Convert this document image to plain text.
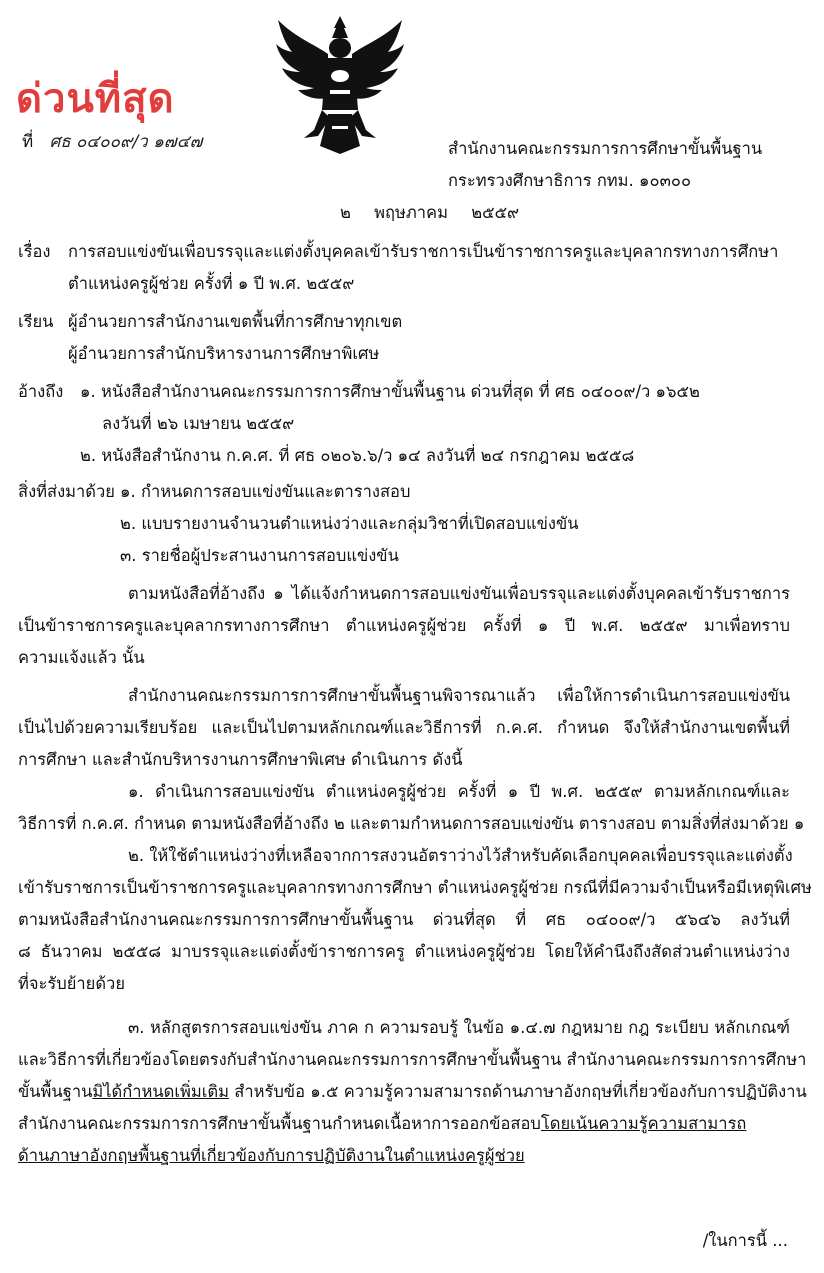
ด่วนที่สุด
ที่ ศธ ๐๔๐๐๙/ว ๑๗๔๗	สำนักงานคณะกรรมการการศึกษาขั้นพื้นฐาน
กระทรวงศึกษาธิการ กทม. ๑๐๓๐๐
๒ พฤษภาคม ๒๕๕๙
เรื่อง การสอบแข่งขันเพื่อบรรจุและแต่งตั้งบุคคลเข้ารับราชการเป็นข้าราชการครูและบุคลากรทางการศึกษา
ตำแหน่งครูผู้ช่วย ครั้งที่ ๑ ปี พ.ศ. ๒๕๕๙
เรียน ผู้อำนวยการสำนักงานเขตพื้นที่การศึกษาทุกเขต
ผู้อำนวยการสำนักบริหารงานการศึกษาพิเศษ
อ้างถึง ๑. หนังสือสำนักงานคณะกรรมการการศึกษาขั้นพื้นฐาน ด่วนที่สุด ที่ ศธ ๐๔๐๐๙/ว ๑๖๕๒
ลงวันที่ ๒๖ เมษายน ๒๕๕๙
๒. หนังสือสำนักงาน ก.ค.ศ. ที่ ศธ ๐๒๐๖.๖/ว ๑๔ ลงวันที่ ๒๔ กรกฎาคม ๒๕๕๘
สิ่งที่ส่งมาด้วย ๑. กำหนดการสอบแข่งขันและตารางสอบ
๒. แบบรายงานจำนวนตำแหน่งว่างและกลุ่มวิชาที่เปิดสอบแข่งขัน
๓. รายชื่อผู้ประสานงานการสอบแข่งขัน
ตามหนังสือที่อ้างถึง ๑ ได้แจ้งกำหนดการสอบแข่งขันเพื่อบรรจุและแต่งตั้งบุคคลเข้ารับราชการ
เป็นข้าราชการครูและบุคลากรทางการศึกษา ตำแหน่งครูผู้ช่วย ครั้งที่ ๑ ปี พ.ศ. ๒๕๕๙ มาเพื่อทราบ
ความแจ้งแล้ว นั้น
สำนักงานคณะกรรมการการศึกษาขั้นพื้นฐานพิจารณาแล้ว เพื่อให้การดำเนินการสอบแข่งขัน
เป็นไปด้วยความเรียบร้อย และเป็นไปตามหลักเกณฑ์และวิธีการที่ ก.ค.ศ. กำหนด จึงให้สำนักงานเขตพื้นที่
การศึกษา และสำนักบริหารงานการศึกษาพิเศษ ดำเนินการ ดังนี้
๑. ดำเนินการสอบแข่งขัน ตำแหน่งครูผู้ช่วย ครั้งที่ ๑ ปี พ.ศ. ๒๕๕๙ ตามหลักเกณฑ์และ
วิธีการที่ ก.ค.ศ. กำหนด ตามหนังสือที่อ้างถึง ๒ และตามกำหนดการสอบแข่งขัน ตารางสอบ ตามสิ่งที่ส่งมาด้วย ๑
๒. ให้ใช้ตำแหน่งว่างที่เหลือจากการสงวนอัตราว่างไว้สำหรับคัดเลือกบุคคลเพื่อบรรจุและแต่งตั้ง
เข้ารับราชการเป็นข้าราชการครูและบุคลากรทางการศึกษา ตำแหน่งครูผู้ช่วย กรณีที่มีความจำเป็นหรือมีเหตุพิเศษ
ตามหนังสือสำนักงานคณะกรรมการการศึกษาขั้นพื้นฐาน ด่วนที่สุด ที่ ศธ ๐๔๐๐๙/ว ๕๖๔๖ ลงวันที่
๘ ธันวาคม ๒๕๕๘ มาบรรจุและแต่งตั้งข้าราชการครู ตำแหน่งครูผู้ช่วย โดยให้คำนึงถึงสัดส่วนตำแหน่งว่าง
ที่จะรับย้ายด้วย
๓. หลักสูตรการสอบแข่งขัน ภาค ก ความรอบรู้ ในข้อ ๑.๔.๗ กฎหมาย กฎ ระเบียบ หลักเกณฑ์
และวิธีการที่เกี่ยวข้องโดยตรงกับสำนักงานคณะกรรมการการศึกษาขั้นพื้นฐาน สำนักงานคณะกรรมการการศึกษา
ขั้นพื้นฐานมิได้กำหนดเพิ่มเติม สำหรับข้อ ๑.๕ ความรู้ความสามารถด้านภาษาอังกฤษที่เกี่ยวข้องกับการปฏิบัติงาน
สำนักงานคณะกรรมการการศึกษาขั้นพื้นฐานกำหนดเนื้อหาการออกข้อสอบโดยเน้นความรู้ความสามารถ
ด้านภาษาอังกฤษพื้นฐานที่เกี่ยวข้องกับการปฏิบัติงานในตำแหน่งครูผู้ช่วย
/ในการนี้ ...
